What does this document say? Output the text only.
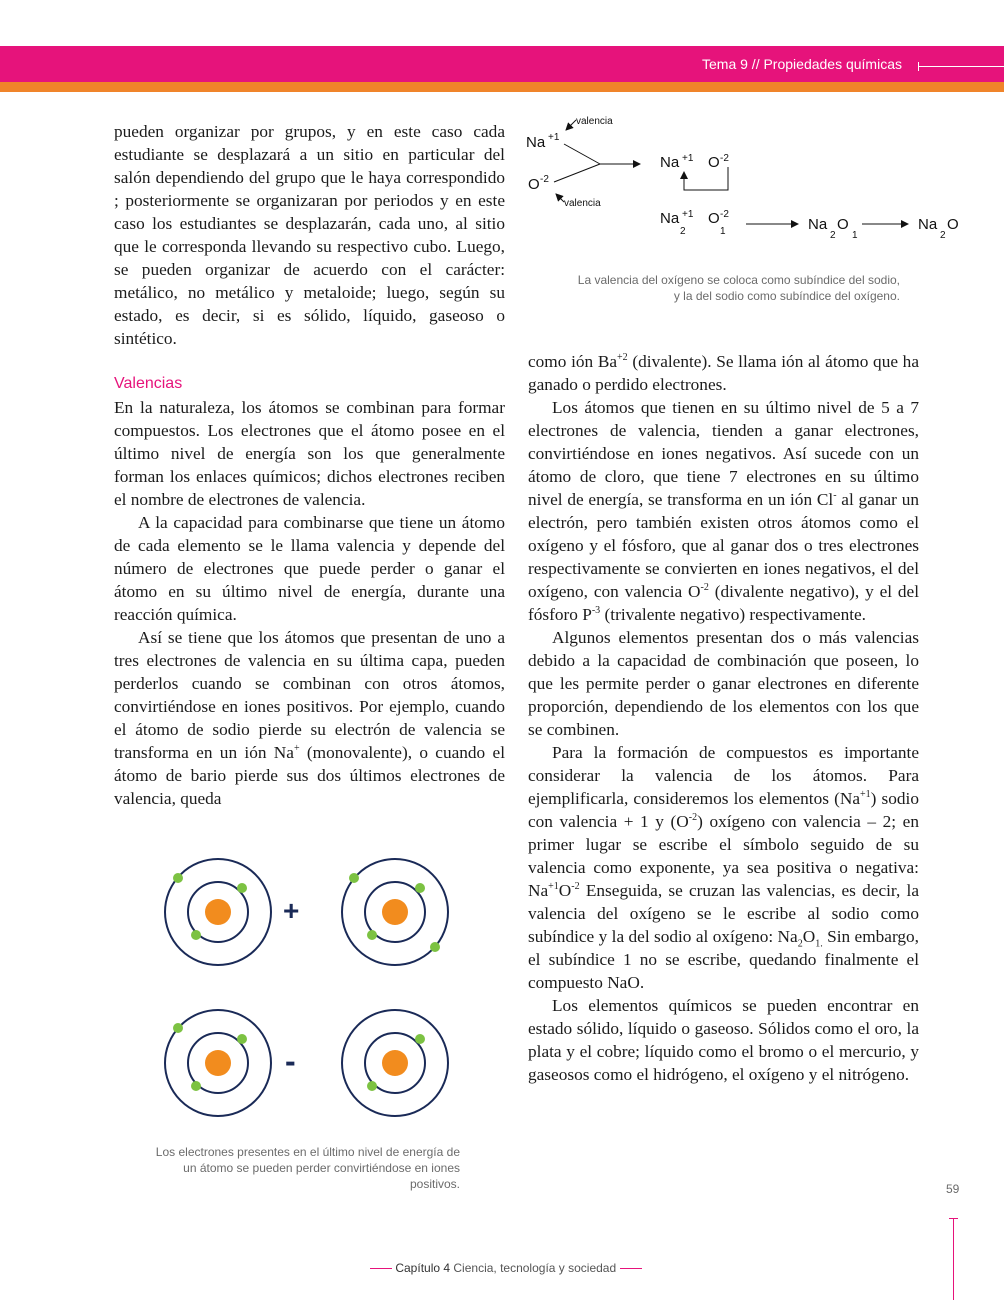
Tema 9 // Propiedades químicas

pueden organizar por grupos, y en este caso cada estudiante se desplazará a un sitio en particular del salón dependiendo del grupo que le haya correspondido ; posteriormente se organizaran por periodos y en este caso los estudiantes se desplazarán, cada uno, al sitio que le corresponda llevando su respectivo cubo. Luego, se pueden organizar de acuerdo con el carácter: metálico, no metálico y metaloide; luego, según su estado, es decir, si es sólido, líquido, gaseoso o sintético.

Valencias

En la naturaleza, los átomos se combinan para formar compuestos. Los electrones que el átomo posee en el último nivel de energía son los que generalmente forman los enlaces químicos; dichos electrones reciben el nombre de electrones de valencia.

A la capacidad para combinarse que tiene un átomo de cada elemento se le llama valencia y depende del número de electrones que puede perder o ganar el átomo en su último nivel de energía, durante una reacción química.

Así se tiene que los átomos que presentan de uno a tres electrones de valencia en su última capa, pueden perderlos cuando se combinan con otros átomos, convirtiéndose en iones positivos. Por ejemplo, cuando el átomo de sodio pierde su electrón de valencia se transforma en un ión Na+ (monovalente), o cuando el átomo de bario pierde sus dos últimos electrones de valencia, queda

como ión $Ba^{+2}$ (divalente). Se llama ión al átomo que ha ganado o perdido electrones.

Los átomos que tienen en su último nivel de 5 a 7 electrones de valencia, tienden a ganar electrones, convirtiéndose en iones negativos. Así sucede con un átomo de cloro, que tiene 7 electrones en su último nivel de energía, se transforma en un ión Cl- al ganar un electrón, pero también existen otros átomos como el oxígeno y el fósforo, que al ganar dos o tres electrones respectivamente se convierten en iones negativos, el del oxígeno, con valencia $O^{-2}$ (divalente negativo), y el del fósforo $P^{-3}$ (trivalente negativo) respectivamente.

Algunos elementos presentan dos o más valencias debido a la capacidad de combinación que poseen, lo que les permite perder o ganar electrones en diferente proporción, dependiendo de los elementos con los que se combinen.

Para la formación de compuestos es importante considerar la valencia de los átomos. Para ejemplificarla, consideremos los elementos $(Na^{+1})$ sodio con valencia + 1 y $(O^{-2})$ oxígeno con valencia – 2; en primer lugar se escribe el símbolo seguido de su valencia como exponente, ya sea positiva o negativa: $Na^{+1}O^{-2}$ Enseguida, se cruzan las valencias, es decir, la valencia del oxígeno se le escribe al sodio como subíndice y la del sodio al oxígeno: $Na_2O_{1.}$ Sin embargo, el subíndice 1 no se escribe, quedando finalmente el compuesto NaO.

Los elementos químicos se pueden encontrar en estado sólido, líquido o gaseoso. Sólidos como el oro, la plata y el cobre; líquido como el bromo o el mercurio, y gaseosos como el hidrógeno, el oxígeno y el nitrógeno.

Na +1
O -2
valencia
valencia
Na +1 O -2
Na +1
2
O -2
1	Na
2
O
1
Na
2
O
La valencia del oxígeno se coloca como subíndice del sodio, y la del sodio como subíndice del oxígeno.
+
-
Los electrones presentes en el último nivel de energía de un átomo se pueden perder convirtiéndose en iones positivos.	59
Capítulo 4 Ciencia, tecnología y sociedad
